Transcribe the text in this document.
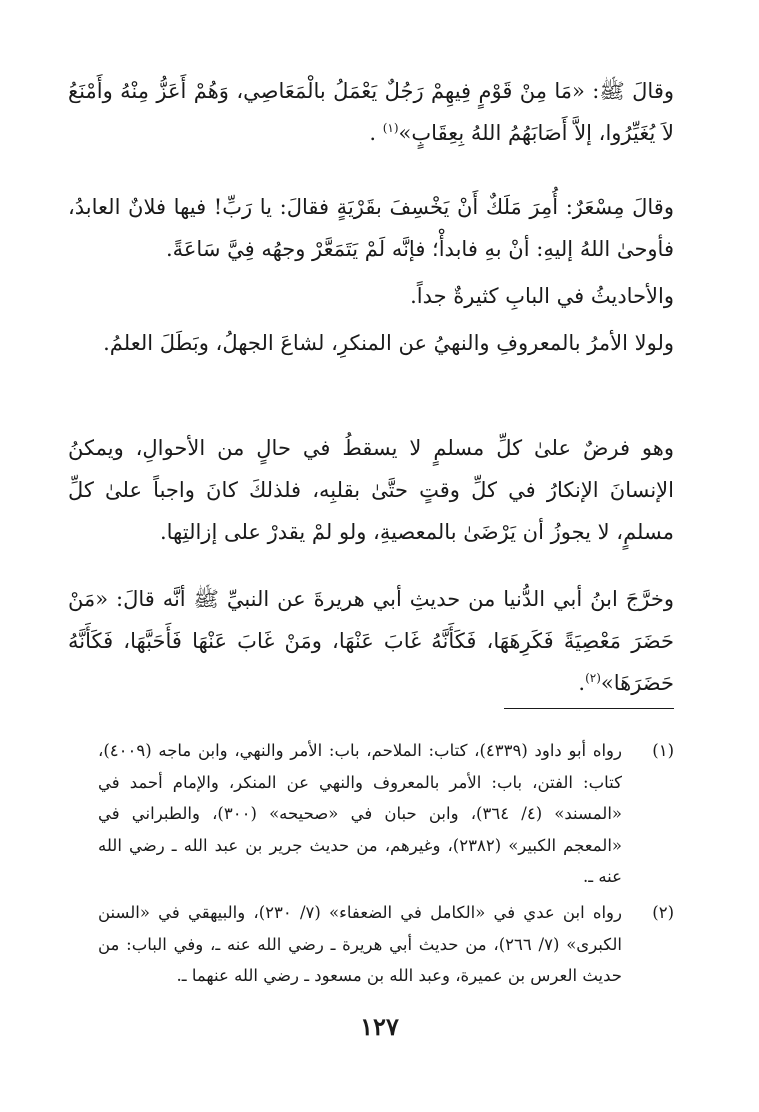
وقالَ ﷺ: «مَا مِنْ قَوْمٍ فِيهِمْ رَجُلٌ يَعْمَلُ بالْمَعَاصِي، وَهُمْ أَعَزُّ مِنْهُ وأَمْنَعُ لاَ يُغَيِّرُوا، إلاَّ أَصَابَهُمُ اللهُ بِعِقَابٍ»$^{(١)}$ .

وقالَ مِسْعَرٌ: أُمِرَ مَلَكٌ أَنْ يَخْسِفَ بقَرْيَةٍ فقالَ: يا رَبِّ! فيها فلانٌ العابدُ، فأوحىٰ اللهُ إليهِ: أنْ بهِ فابدأْ؛ فإنَّه لَمْ يَتَمَعَّرْ وجهُه فِيَّ سَاعَةً.

والأحاديثُ في البابِ كثيرةٌ جداً.

ولولا الأمرُ بالمعروفِ والنهيُ عن المنكرِ، لشاعَ الجهلُ، وبَطَلَ العلمُ.

وهو فرضٌ علىٰ كلِّ مسلمٍ لا يسقطُ في حالٍ من الأحوالِ، ويمكنُ الإنسانَ الإنكارُ في كلِّ وقتٍ حتَّىٰ بقلبِه، فلذلكَ كانَ واجباً علىٰ كلِّ مسلمٍ، لا يجوزُ أن يَرْضَىٰ بالمعصيةِ، ولو لمْ يقدرْ على إزالتِها.

وخرَّجَ ابنُ أبي الدُّنيا من حديثِ أبي هريرةَ عن النبيِّ ﷺ أنَّه قالَ: «مَنْ حَضَرَ مَعْصِيَةً فَكَرِهَهَا، فَكَأَنَّهُ غَابَ عَنْهَا، ومَنْ غَابَ عَنْهَا فَأَحَبَّهَا، فَكَأَنَّهُ حَضَرَهَا»$^{(٢)}$.

(١)
رواه أبو داود (٤٣٣٩)، كتاب: الملاحم، باب: الأمر والنهي، وابن ماجه (٤٠٠٩)، كتاب: الفتن، باب: الأمر بالمعروف والنهي عن المنكر، والإمام أحمد في «المسند» (٤/ ٣٦٤)، وابن حبان في «صحيحه» (٣٠٠)، والطبراني في «المعجم الكبير» (٢٣٨٢)، وغيرهم، من حديث جرير بن عبد الله ـ رضي الله عنه ـ.
(٢)
رواه ابن عدي في «الكامل في الضعفاء» (٧/ ٢٣٠)، والبيهقي في «السنن الكبرى» (٧/ ٢٦٦)، من حديث أبي هريرة ـ رضي الله عنه ـ، وفي الباب: من حديث العرس بن عميرة، وعبد الله بن مسعود ـ رضي الله عنهما ـ.
١٢٧
